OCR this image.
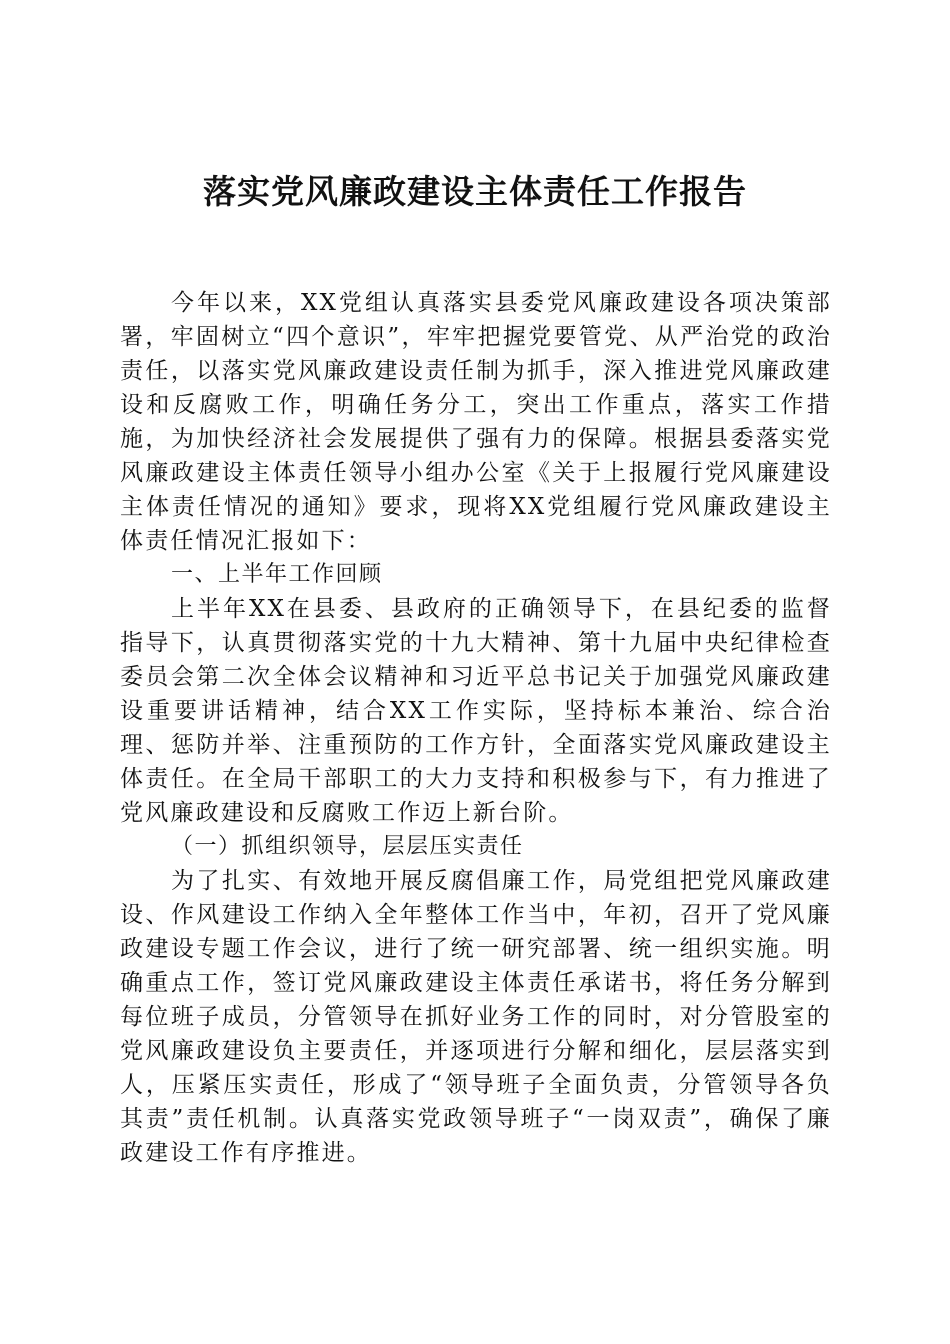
落实党风廉政建设主体责任工作报告

今年以来，XX党组认真落实县委党风廉政建设各项决策部署，牢固树立“四个意识”，牢牢把握党要管党、从严治党的政治责任，以落实党风廉政建设责任制为抓手，深入推进党风廉政建设和反腐败工作，明确任务分工，突出工作重点，落实工作措施，为加快经济社会发展提供了强有力的保障。根据县委落实党风廉政建设主体责任领导小组办公室《关于上报履行党风廉建设主体责任情况的通知》要求，现将XX党组履行党风廉政建设主体责任情况汇报如下：

一、上半年工作回顾

上半年XX在县委、县政府的正确领导下，在县纪委的监督指导下，认真贯彻落实党的十九大精神、第十九届中央纪律检查委员会第二次全体会议精神和习近平总书记关于加强党风廉政建设重要讲话精神，结合XX工作实际，坚持标本兼治、综合治理、惩防并举、注重预防的工作方针，全面落实党风廉政建设主体责任。在全局干部职工的大力支持和积极参与下，有力推进了党风廉政建设和反腐败工作迈上新台阶。

（一）抓组织领导，层层压实责任

为了扎实、有效地开展反腐倡廉工作，局党组把党风廉政建设、作风建设工作纳入全年整体工作当中，年初，召开了党风廉政建设专题工作会议，进行了统一研究部署、统一组织实施。明确重点工作，签订党风廉政建设主体责任承诺书，将任务分解到每位班子成员，分管领导在抓好业务工作的同时，对分管股室的党风廉政建设负主要责任，并逐项进行分解和细化，层层落实到人，压紧压实责任，形成了“领导班子全面负责，分管领导各负其责”责任机制。认真落实党政领导班子“一岗双责”，确保了廉政建设工作有序推进。
